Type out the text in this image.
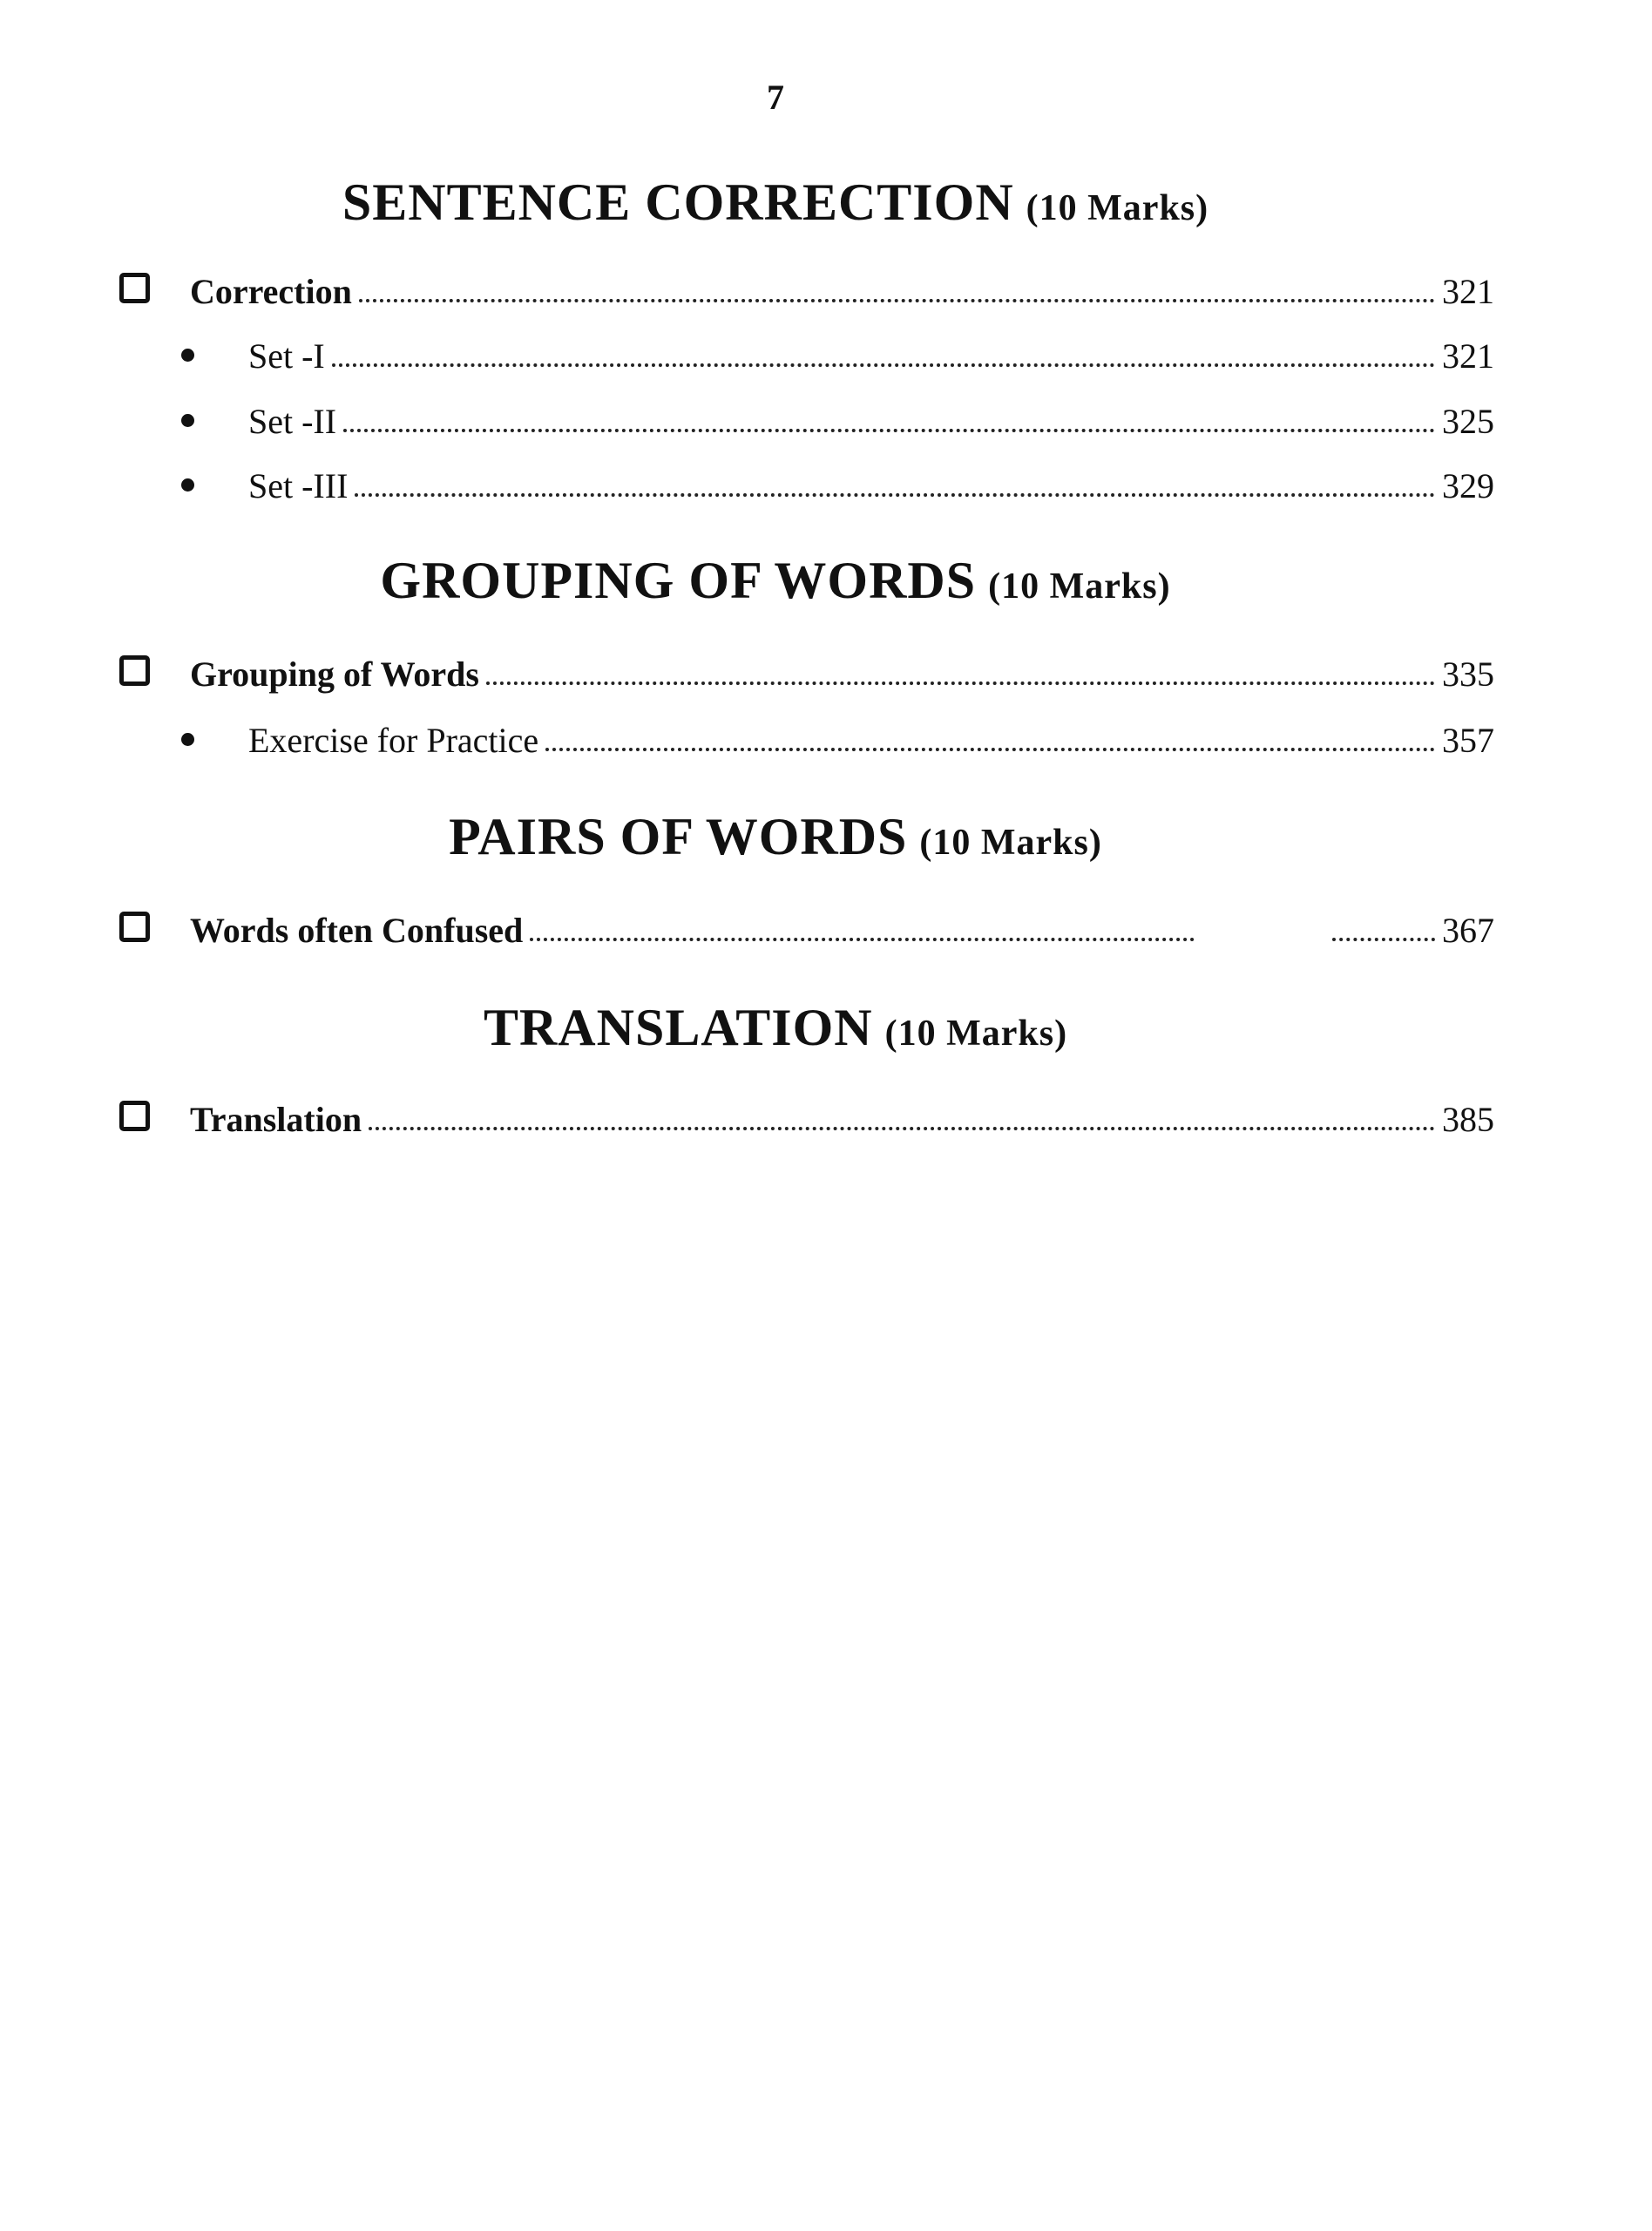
7
SENTENCE CORRECTION (10 Marks)
Correction	321
Set -I	321
Set -II	325
Set -III	329
GROUPING OF WORDS (10 Marks)
Grouping of Words	335
Exercise for Practice	357
PAIRS OF WORDS (10 Marks)
Words often Confused	367
TRANSLATION (10 Marks)
Translation	385
